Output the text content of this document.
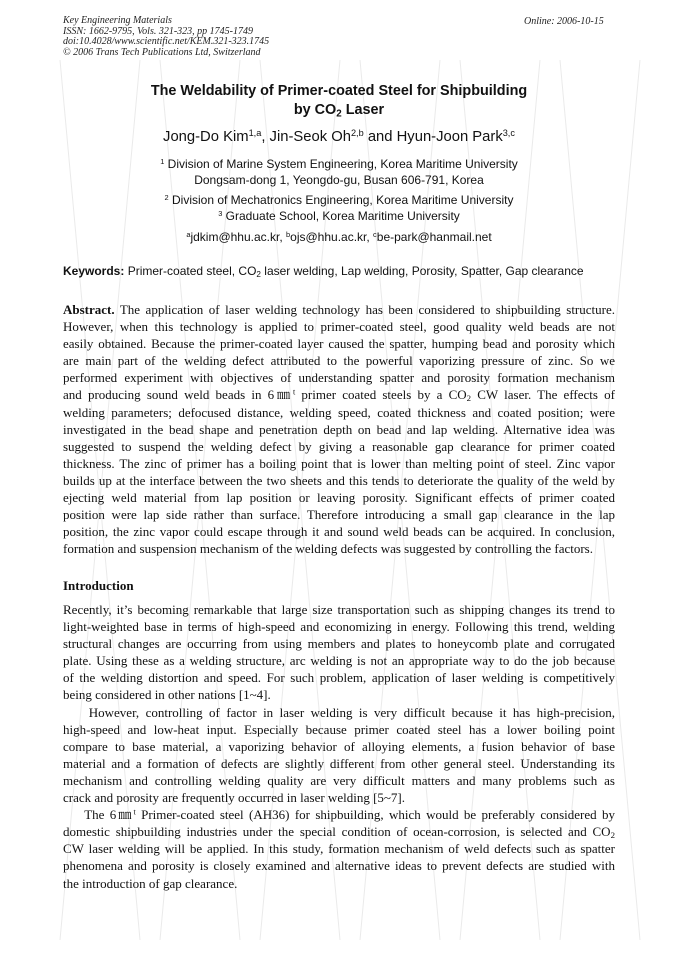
Key Engineering Materials
ISSN: 1662-9795, Vols. 321-323, pp 1745-1749
doi:10.4028/www.scientific.net/KEM.321-323.1745
© 2006 Trans Tech Publications Ltd, Switzerland
Online: 2006-10-15
The Weldability of Primer-coated Steel for Shipbuilding
by $CO_2$ Laser
Jong-Do Kim$^{1,a}$, Jin-Seok Oh$^{2,b}$ and Hyun-Joon Park$^{3,c}$
$^1$ Division of Marine System Engineering, Korea Maritime University
Dongsam-dong 1, Yeongdo-gu, Busan 606-791, Korea
$^2$ Division of Mechatronics Engineering, Korea Maritime University
$^3$ Graduate School, Korea Maritime University
$^a$jdkim@hhu.ac.kr, $^b$ojs@hhu.ac.kr, $^c$be-park@hanmail.net
Keywords: Primer-coated steel, $CO_2$ laser welding, Lap welding, Porosity, Spatter, Gap clearance
Abstract. The application of laser welding technology has been considered to shipbuilding structure.
However, when this technology is applied to primer-coated steel, good quality weld beads are not
easily obtained. Because the primer-coated layer caused the spatter, humping bead and porosity which
are main part of the welding defect attributed to the powerful vaporizing pressure of zinc. So we
performed experiment with objectives of understanding spatter and porosity formation mechanism
and producing sound weld beads in 6㎜$^t$ primer coated steels by a $CO_2$ CW laser. The effects of
welding parameters; defocused distance, welding speed, coated thickness and coated position; were
investigated in the bead shape and penetration depth on bead and lap welding. Alternative idea was
suggested to suspend the welding defect by giving a reasonable gap clearance for primer coated
thickness. The zinc of primer has a boiling point that is lower than melting point of steel. Zinc vapor
builds up at the interface between the two sheets and this tends to deteriorate the quality of the weld by
ejecting weld material from lap position or leaving porosity. Significant effects of primer coated
position were lap side rather than surface. Therefore introducing a small gap clearance in the lap
position, the zinc vapor could escape through it and sound weld beads can be acquired. In conclusion,
formation and suspension mechanism of the welding defects was suggested by controlling the factors.
Introduction
Recently, it’s becoming remarkable that large size transportation such as shipping changes its trend to
light-weighted base in terms of high-speed and economizing in energy. Following this trend, welding
structural changes are occurring from using members and plates to honeycomb plate and corrugated
plate. Using these as a welding structure, arc welding is not an appropriate way to do the job because
of the welding distortion and speed. For such problem, application of laser welding is competitively
being considered in other nations [1~4].
However, controlling of factor in laser welding is very difficult because it has high-precision,
high-speed and low-heat input. Especially because primer coated steel has a lower boiling point
compare to base material, a vaporizing behavior of alloying elements, a fusion behavior of base
material and a formation of defects are slightly different from other general steel. Understanding its
mechanism and controlling welding quality are very difficult matters and many problems such as
crack and porosity are frequently occurred in laser welding [5~7].
The 6㎜$^t$ Primer-coated steel (AH36) for shipbuilding, which would be preferably considered by
domestic shipbuilding industries under the special condition of ocean-corrosion, is selected and $CO_2$
CW laser welding will be applied. In this study, formation mechanism of weld defects such as spatter
phenomena and porosity is closely examined and alternative ideas to prevent defects are studied with
the introduction of gap clearance.
